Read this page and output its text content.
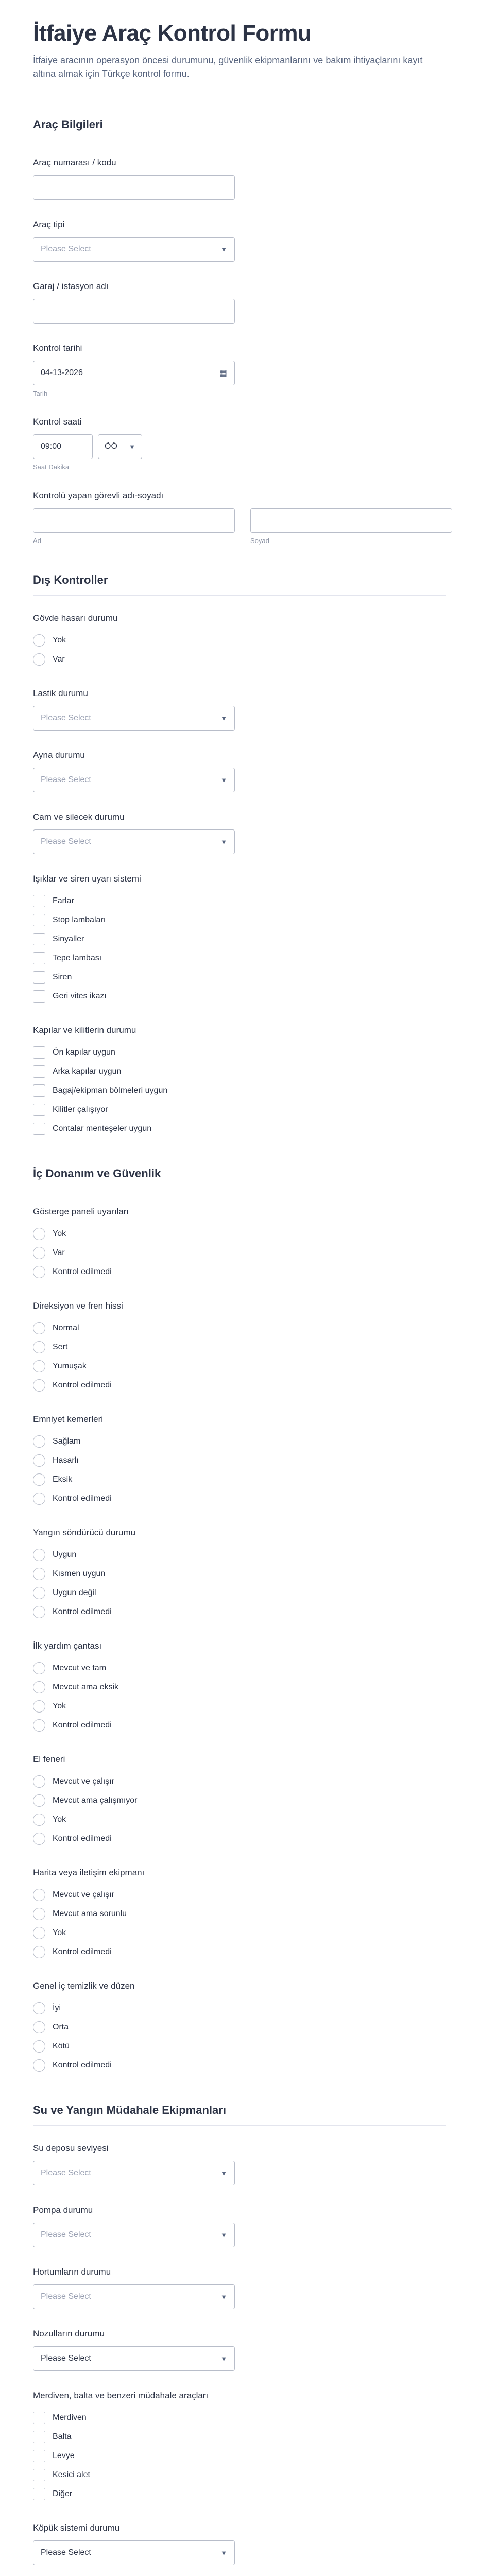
İtfaiye Araç Kontrol Formu

İtfaiye aracının operasyon öncesi durumunu, güvenlik ekipmanlarını ve bakım ihtiyaçlarını kayıt altına almak için Türkçe kontrol formu.

Araç Bilgileri
Araç numarası / kodu
Araç tipi
Please Select	▼
Garaj / istasyon adı
Kontrol tarihi
04-13-2026	▦
Tarih
Kontrol saati
09:00	ÖÖ ▼
Saat Dakika
Kontrolü yapan görevli adı-soyadı
Ad	Soyad
Dış Kontroller
Gövde hasarı durumu
Yok
Var
Lastik durumu
Please Select	▼
Ayna durumu
Please Select	▼
Cam ve silecek durumu
Please Select	▼
Işıklar ve siren uyarı sistemi
Farlar
Stop lambaları
Sinyaller
Tepe lambası
Siren
Geri vites ikazı
Kapılar ve kilitlerin durumu
Ön kapılar uygun
Arka kapılar uygun
Bagaj/ekipman bölmeleri uygun
Kilitler çalışıyor
Contalar menteşeler uygun
İç Donanım ve Güvenlik
Gösterge paneli uyarıları
Yok
Var
Kontrol edilmedi
Direksiyon ve fren hissi
Normal
Sert
Yumuşak
Kontrol edilmedi
Emniyet kemerleri
Sağlam
Hasarlı
Eksik
Kontrol edilmedi
Yangın söndürücü durumu
Uygun
Kısmen uygun
Uygun değil
Kontrol edilmedi
İlk yardım çantası
Mevcut ve tam
Mevcut ama eksik
Yok
Kontrol edilmedi
El feneri
Mevcut ve çalışır
Mevcut ama çalışmıyor
Yok
Kontrol edilmedi
Harita veya iletişim ekipmanı
Mevcut ve çalışır
Mevcut ama sorunlu
Yok
Kontrol edilmedi
Genel iç temizlik ve düzen
İyi
Orta
Kötü
Kontrol edilmedi
Su ve Yangın Müdahale Ekipmanları
Su deposu seviyesi
Please Select	▼
Pompa durumu
Please Select	▼
Hortumların durumu
Please Select	▼
Nozulların durumu
Please Select	▼
Merdiven, balta ve benzeri müdahale araçları
Merdiven
Balta
Levye
Kesici alet
Diğer
Köpük sistemi durumu
Please Select	▼
